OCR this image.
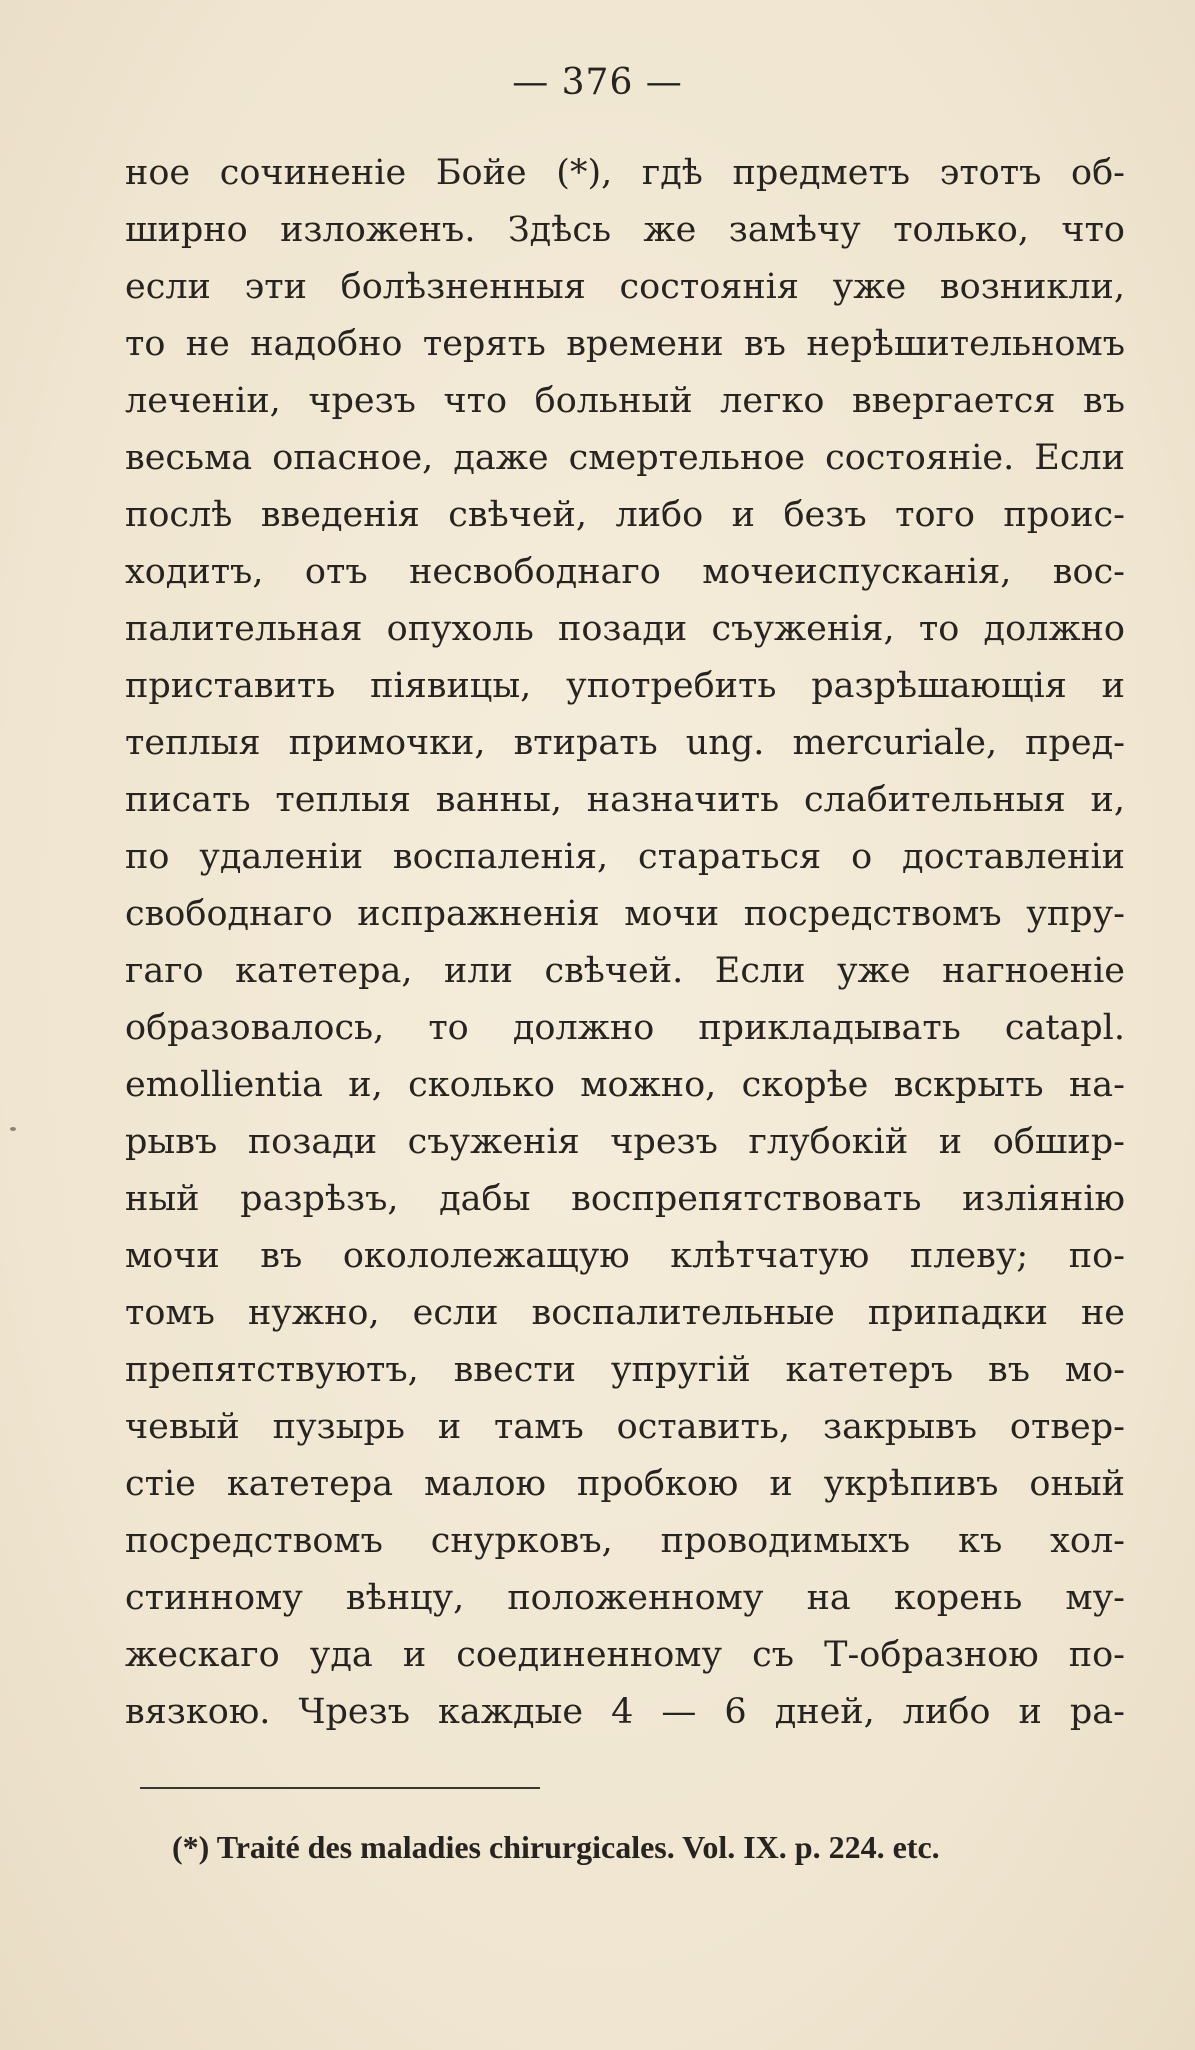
— 376 —
ное сочиненіе Бойе (*), гдѣ предметъ этотъ об-
ширно изложенъ. Здѣсь же замѣчу только, что
если эти болѣзненныя состоянія уже возникли,
то не надобно терять времени въ нерѣшительномъ
леченіи, чрезъ что больный легко ввергается въ
весьма опасное, даже смертельное состояніе. Если
послѣ введенія свѣчей, либо и безъ того проис-
ходитъ, отъ несвободнаго мочеиспусканія, вос-
палительная опухоль позади съуженія, то должно
приставить піявицы, употребить разрѣшающія и
теплыя примочки, втирать ung. mercuriale, пред-
писать теплыя ванны, назначить слабительныя и,
по удаленіи воспаленія, стараться о доставленіи
свободнаго испражненія мочи посредствомъ упру-
гаго катетера, или свѣчей. Если уже нагноеніе
образовалось, то должно прикладывать catapl.
emollientia и, сколько можно, скорѣе вскрыть на-
рывъ позади съуженія чрезъ глубокій и обшир-
ный разрѣзъ, дабы воспрепятствовать изліянію
мочи въ окололежащую клѣтчатую плеву; по-
томъ нужно, если воспалительные припадки не
препятствуютъ, ввести упругій катетеръ въ мо-
чевый пузырь и тамъ оставить, закрывъ отвер-
стіе катетера малою пробкою и укрѣпивъ оный
посредствомъ снурковъ, проводимыхъ къ хол-
стинному вѣнцу, положенному на корень му-
жескаго уда и соединенному съ Т-образною по-
вязкою. Чрезъ каждые 4 — 6 дней, либо и ра-
(*) Traité des maladies chirurgicales. Vol. IX. p. 224. etc.
